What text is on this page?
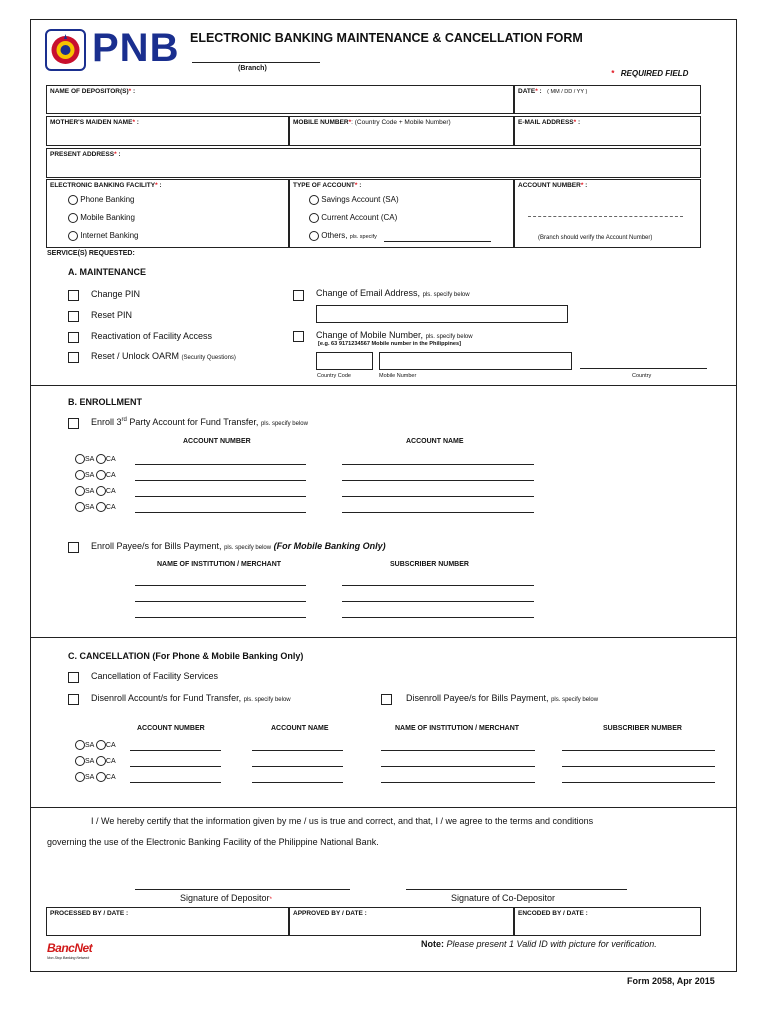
PNB ELECTRONIC BANKING MAINTENANCE & CANCELLATION FORM
(Branch)
*   REQUIRED FIELD
NAME OF DEPOSITOR(S)* :	DATE* :   ( MM / DD / YY )
MOTHER'S MAIDEN NAME* :	MOBILE NUMBER*: (Country Code + Mobile Number)	E-MAIL ADDRESS* :
PRESENT ADDRESS* :
ELECTRONIC BANKING FACILITY* :	TYPE OF ACCOUNT* :	ACCOUNT NUMBER* :
Phone Banking
Mobile Banking
Internet Banking
Savings Account (SA)
Current Account (CA)
Others, pls. specify	(Branch should verify the Account Number)
SERVICE(S) REQUESTED:
A. MAINTENANCE
Change PIN
Reset PIN
Reactivation of Facility Access
Reset / Unlock OARM (Security Questions)
Change of Email Address, pls. specify below
Change of Mobile Number, pls. specify below
[e.g. 63 9171234567 Mobile number in the Philippines]
Country Code	Mobile Number	Country
B. ENROLLMENT
Enroll 3rd Party Account for Fund Transfer, pls. specify below
ACCOUNT NUMBER	ACCOUNT NAME
SA CA
SA CA
SA CA
SA CA
Enroll Payee/s for Bills Payment, pls. specify below (For Mobile Banking Only)
NAME OF INSTITUTION / MERCHANT	SUBSCRIBER NUMBER
C. CANCELLATION (For Phone & Mobile Banking Only)
Cancellation of Facility Services
Disenroll Account/s for Fund Transfer, pls. specify below	Disenroll Payee/s for Bills Payment, pls. specify below
ACCOUNT NUMBER	ACCOUNT NAME	NAME OF INSTITUTION / MERCHANT	SUBSCRIBER NUMBER
SA CA
SA CA
SA CA
I / We hereby certify that the information given by me / us is true and correct, and that, I / we agree to the terms and conditions
governing the use of the Electronic Banking Facility of the Philippine National Bank.
Signature of Depositor*	Signature of Co-Depositor
PROCESSED BY / DATE :	APPROVED BY / DATE :	ENCODED BY / DATE :
BancNet
Non-Stop Banking Network
Note: Please present 1 Valid ID with picture for verification.
Form 2058, Apr 2015
